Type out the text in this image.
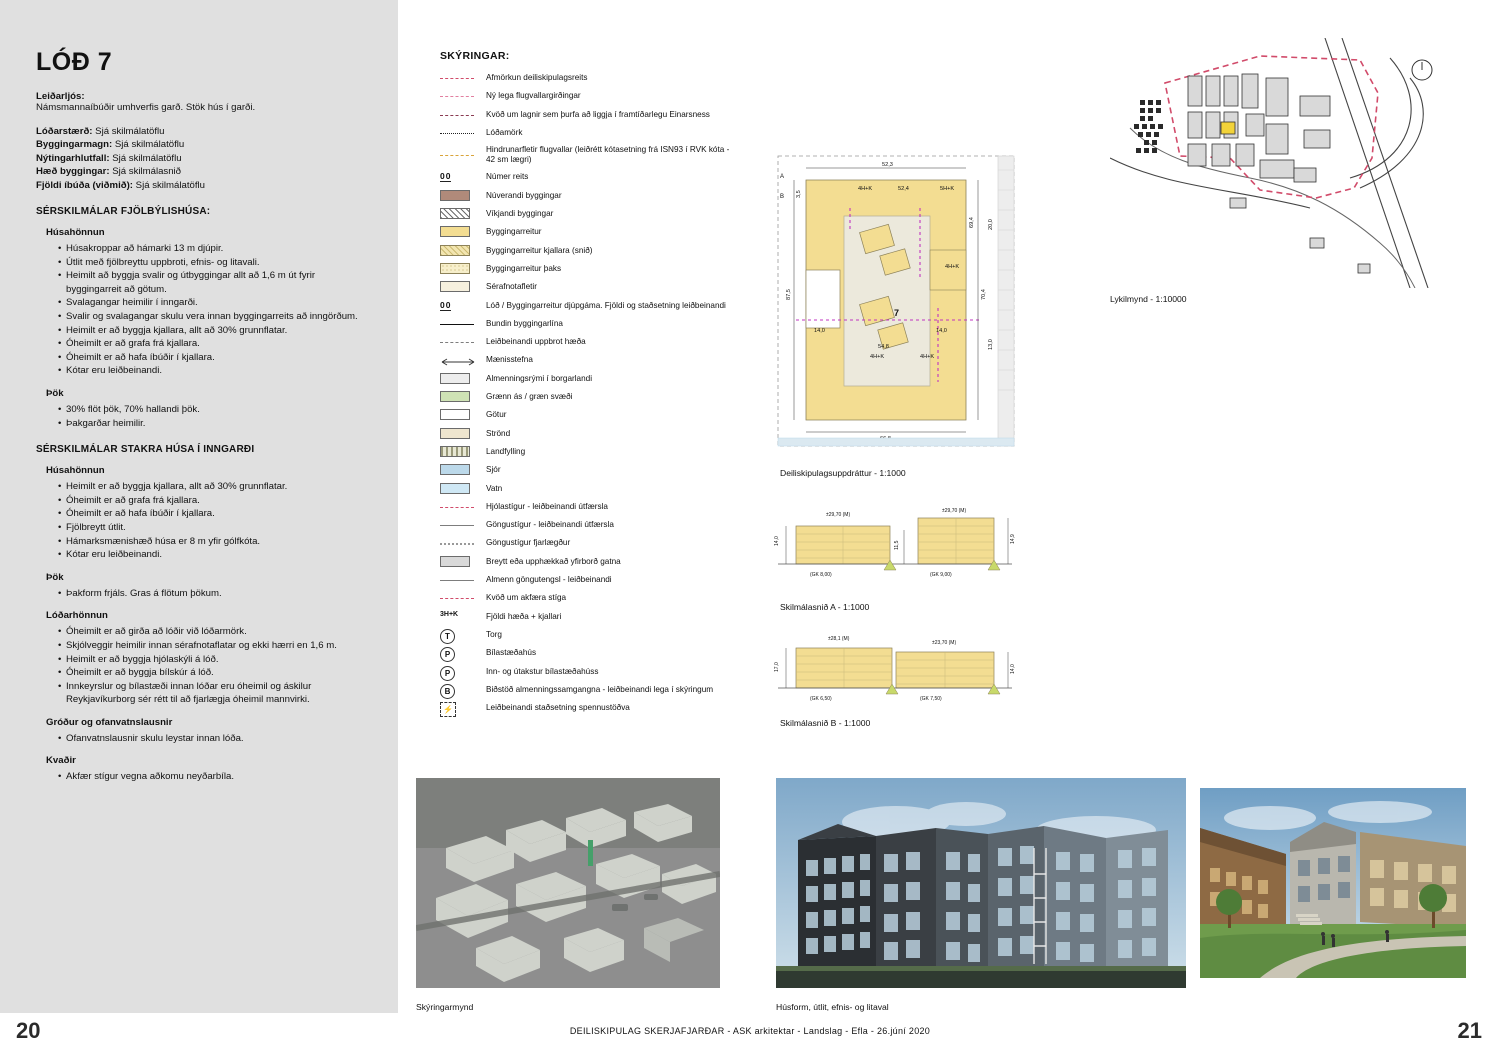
LÓÐ 7
Leiðarljós:
Námsmannaíbúðir umhverfis garð. Stök hús í garði.
Lóðarstærð: Sjá skilmálatöflu
Byggingarmagn: Sjá skilmálatöflu
Nýtingarhlutfall: Sjá skilmálatöflu
Hæð byggingar: Sjá skilmálasnið
Fjöldi íbúða (viðmið): Sjá skilmálatöflu
SÉRSKILMÁLAR FJÖLBÝLISHÚSA:
Húsahönnun
• Húsakroppar að hámarki 13 m djúpir.
• Útlit með fjölbreyttu uppbroti, efnis- og litavali.
• Heimilt að byggja svalir og útbyggingar allt að 1,6 m út fyrir byggingarreit að götum.
• Svalagangar heimilir í inngarði.
• Svalir og svalagangar skulu vera innan byggingarreits að inngörðum.
• Heimilt er að byggja kjallara, allt að 30% grunnflatar.
• Óheimilt er að grafa frá kjallara.
• Óheimilt er að hafa íbúðir í kjallara.
• Kótar eru leiðbeinandi.
Þök
• 30% flöt þök, 70% hallandi þök.
• Þakgarðar heimilir.
SÉRSKILMÁLAR STAKRA HÚSA Í INNGARÐI
Húsahönnun
• Heimilt er að byggja kjallara, allt að 30% grunnflatar.
• Óheimilt er að grafa frá kjallara.
• Óheimilt er að hafa íbúðir í kjallara.
• Fjölbreytt útlit.
• Hámarksmænishæð húsa er 8 m yfir gólfkóta.
• Kótar eru leiðbeinandi.
Þök
• Þakform frjáls. Gras á flötum þökum.
Lóðarhönnun
• Óheimilt er að girða að lóðir við lóðarmörk.
• Skjólveggir heimilir innan sérafnotaflatar og ekki hærri en 1,6 m.
• Heimilt er að byggja hjólaskýli á lóð.
• Óheimilt er að byggja bílskúr á lóð.
• Innkeyrslur og bílastæði innan lóðar eru óheimil og áskilur Reykjavíkurborg sér rétt til að fjarlægja óheimil mannvirki.
Gróður og ofanvatnslausnir
• Ofanvatnslausnir skulu leystar innan lóða.
Kvaðir
• Akfær stígur vegna aðkomu neyðarbíla.
SKÝRINGAR:
Afmörkun deiliskipulagsreits
Ný lega flugvallargirðingar
Kvöð um lagnir sem þurfa að liggja í framtíðarlegu Einarsness
Lóðamörk
Hindrunarfletir flugvallar (leiðrétt kótasetning frá ISN93 í RVK kóta - 42 sm lægri)
00	Númer reits
Núverandi byggingar
Víkjandi byggingar
Byggingarreitur
Byggingarreitur kjallara (snið)
Byggingarreitur þaks
Sérafnotafletir
00	Lóð / Byggingarreitur djúpgáma. Fjöldi og staðsetning leiðbeinandi
Bundin byggingarlína
Leiðbeinandi uppbrot hæða
Mænisstefna
Almenningsrými í borgarlandi
Grænn ás / græn svæði
Götur
Strönd
Landfylling
Sjór
Vatn
Hjólastígur - leiðbeinandi útfærsla
Göngustígur - leiðbeinandi útfærsla
Göngustígur fjarlægður
Breytt eða upphækkað yfirborð gatna
Almenn göngutengsl - leiðbeinandi
Kvöð um akfæra stíga
3H+K	Fjöldi hæða + kjallari
T	Torg
P	Bílastæðahús
P	Inn- og útakstur bílastæðahúss
B	Biðstöð almenningssamgangna - leiðbeinandi lega í skýringum
⚡	Leiðbeinandi staðsetning spennustöðva
Lykilmynd - 1:10000
52,3
52,4
4H+K	5H+K
4H+K
4H+K	4H+K
87,5	70,4
69,4 20,0
13,0
3,5
54,8
14,0	14,0
7
A
B
Deiliskipulagsuppdráttur - 1:1000
14,0	11,5
14,9
±29,70 (M)
±29,70 (M)
(GK 8,00)	(GK 9,00)
Skilmálasnið A - 1:1000
17,0	14,0
±28,1 (M)
±23,70 (M)
(GK 6,50)	(GK 7,50)
Skilmálasnið B - 1:1000
Skýringarmynd	Húsform, útlit, efnis- og litaval
20	21
DEILISKIPULAG SKERJAFJARÐAR - ASK arkitektar - Landslag - Efla - 26.júní 2020
